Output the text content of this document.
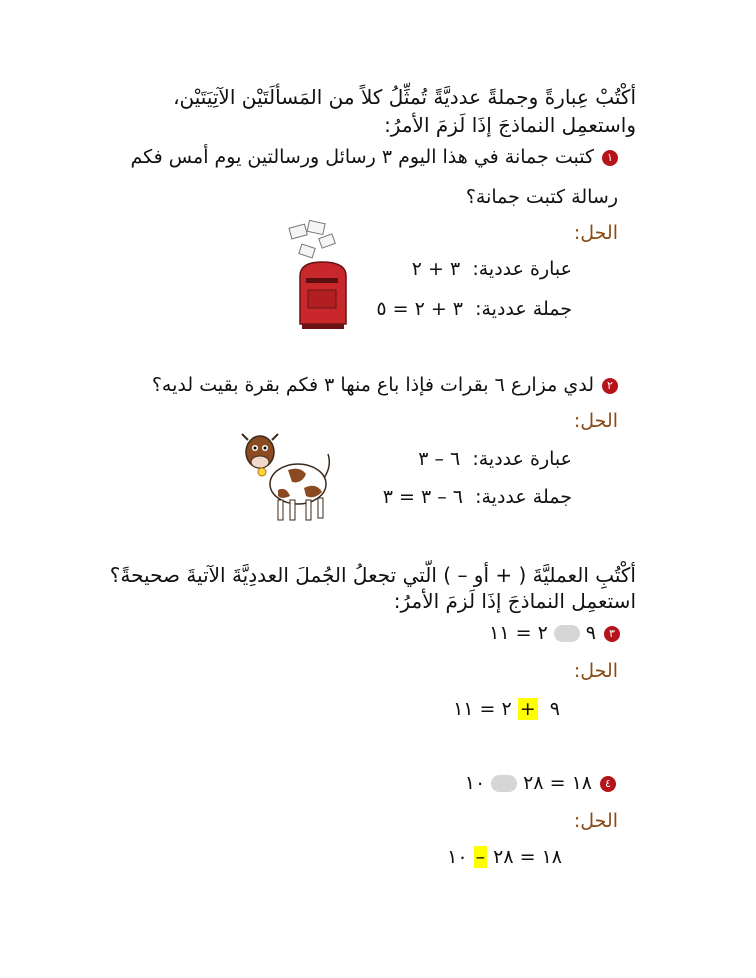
أكْتُبْ عِبارةً وجملةً عدديَّةً تُمثِّلُ كلاً من المَسألَتَيْن الآتِيَتَيْن،
واستعمِل النماذجَ إذَا لَزمَ الأمرُ:
١كتبت جمانة في هذا اليوم ٣ رسائل ورسالتين يوم أمس فكم
رسالة كتبت جمانة؟
الحل:
عبارة عددية:  ٣ + ٢
جملة عددية:  ٣ + ٢ = ٥
٢لدي مزارع ٦ بقرات فإذا باع منها ٣ فكم بقرة بقيت لديه؟
الحل:
عبارة عددية:  ٦ – ٣
جملة عددية:  ٦ – ٣ = ٣
أكْتُبِ العمليَّةَ ( + أو – ) الّتي تجعلُ الجُملَ العددِيَّةَ الآتيةَ صحيحةً؟
استعمِل النماذجَ إذَا لَزمَ الأمرُ:
٣٩٢ = ١١
الحل:
٩  + ٢ = ١١
٤١٨ = ٢٨١٠
الحل:
١٨ = ٢٨ – ١٠
